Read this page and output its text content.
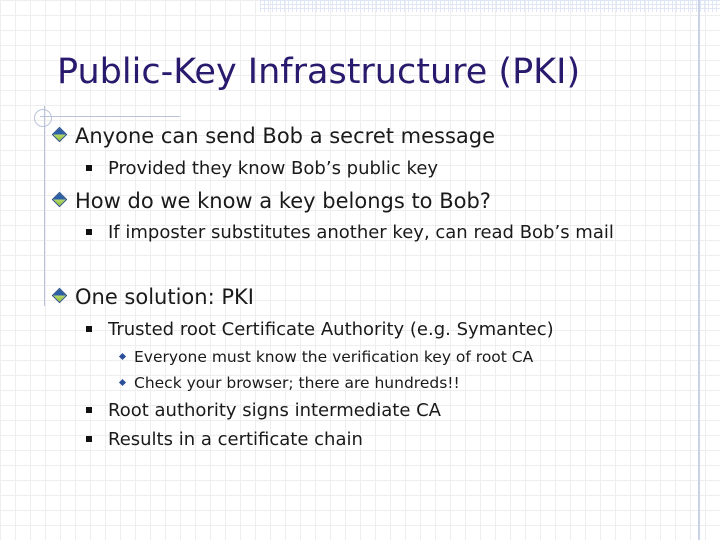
Public-Key Infrastructure (PKI)
Anyone can send Bob a secret message
Provided they know Bob’s public key
How do we know a key belongs to Bob?
If imposter substitutes another key, can read Bob’s mail
One solution: PKI
Trusted root Certificate Authority (e.g. Symantec)
Everyone must know the verification key of root CA
Check your browser; there are hundreds!!
Root authority signs intermediate CA
Results in a certificate chain
